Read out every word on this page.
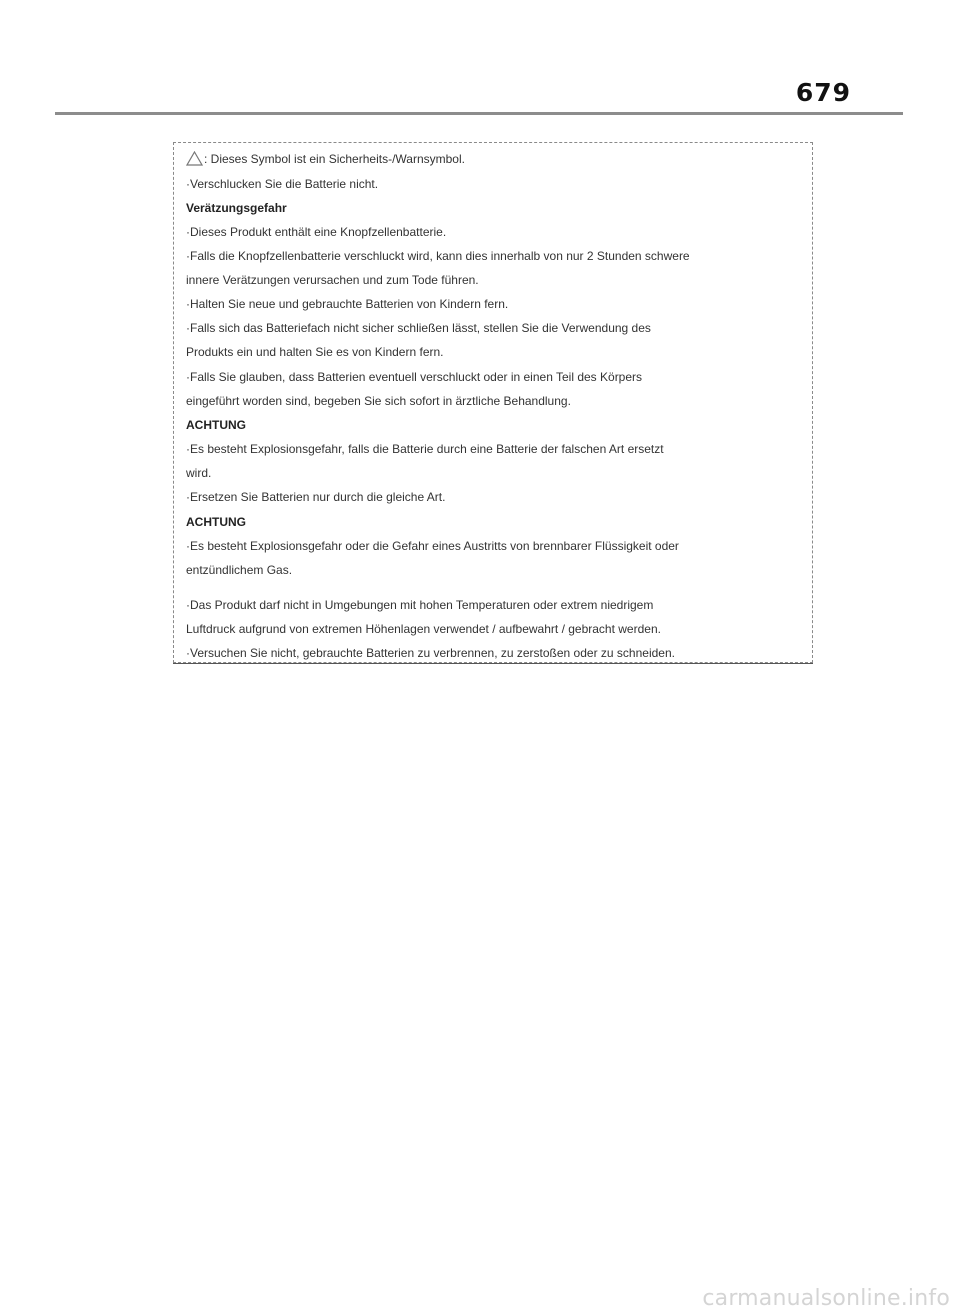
679
: Dieses Symbol ist ein Sicherheits-/Warnsymbol.
·Verschlucken Sie die Batterie nicht.
Verätzungsgefahr
·Dieses Produkt enthält eine Knopfzellenbatterie.
·Falls die Knopfzellenbatterie verschluckt wird, kann dies innerhalb von nur 2 Stunden schwere
innere Verätzungen verursachen und zum Tode führen.
·Halten Sie neue und gebrauchte Batterien von Kindern fern.
·Falls sich das Batteriefach nicht sicher schließen lässt, stellen Sie die Verwendung des
Produkts ein und halten Sie es von Kindern fern.
·Falls Sie glauben, dass Batterien eventuell verschluckt oder in einen Teil des Körpers
eingeführt worden sind, begeben Sie sich sofort in ärztliche Behandlung.
ACHTUNG
·Es besteht Explosionsgefahr, falls die Batterie durch eine Batterie der falschen Art ersetzt
wird.
·Ersetzen Sie Batterien nur durch die gleiche Art.
ACHTUNG
·Es besteht Explosionsgefahr oder die Gefahr eines Austritts von brennbarer Flüssigkeit oder
entzündlichem Gas.
·Das Produkt darf nicht in Umgebungen mit hohen Temperaturen oder extrem niedrigem
Luftdruck aufgrund von extremen Höhenlagen verwendet / aufbewahrt / gebracht werden.
·Versuchen Sie nicht, gebrauchte Batterien zu verbrennen, zu zerstoßen oder zu schneiden.
carmanualsonline.info
